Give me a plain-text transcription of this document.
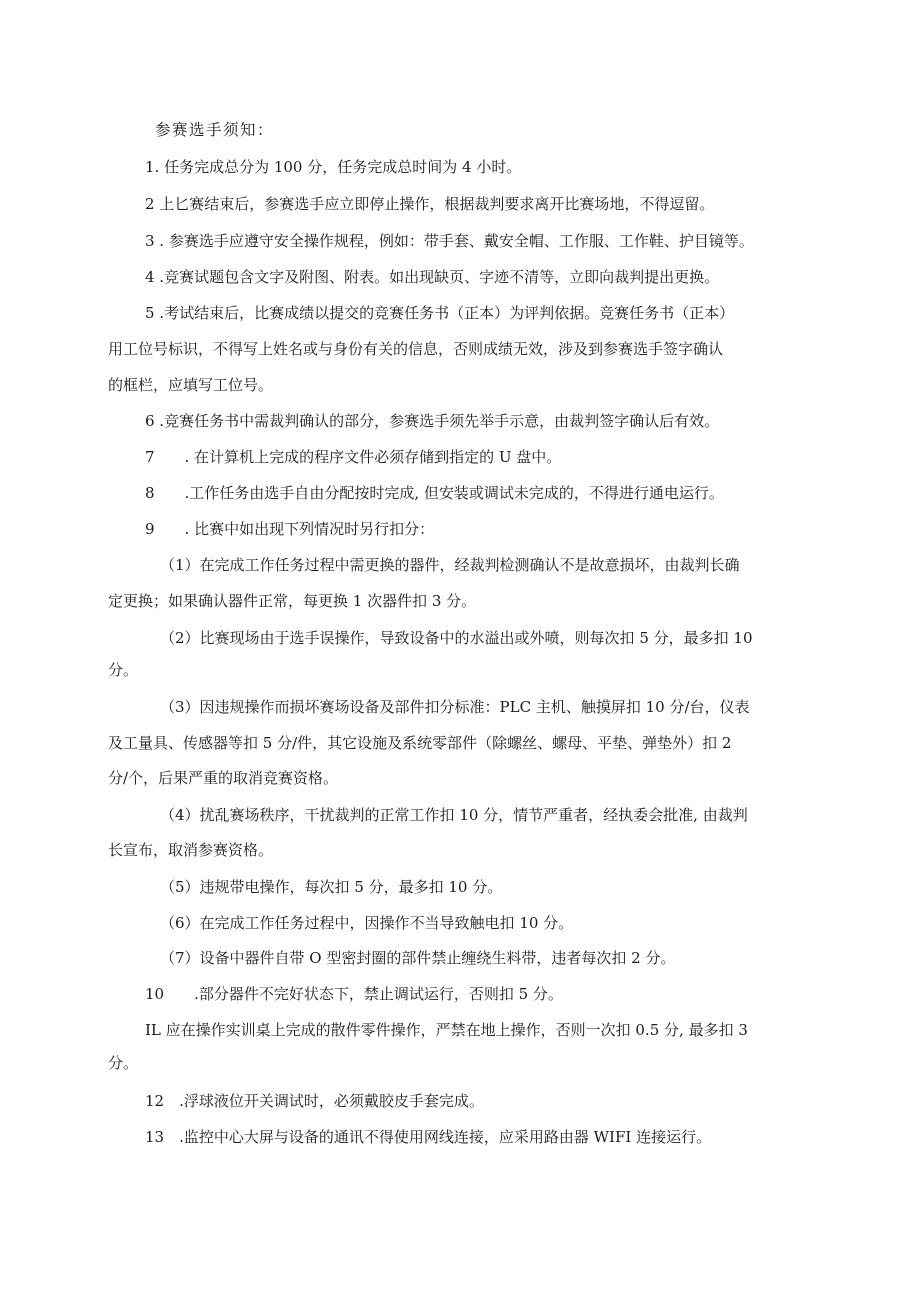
参赛选手须知：
1. 任务完成总分为 100 分，任务完成总时间为 4 小时。
2 上匕赛结束后，参赛选手应立即停止操作，根据裁判要求离开比赛场地，不得逗留。
3 . 参赛选手应遵守安全操作规程，例如：带手套、戴安全帽、工作服、工作鞋、护目镜等。
4 .竞赛试题包含文字及附图、附表。如出现缺页、字迹不清等，立即向裁判提出更换。
5 .考试结束后，比赛成绩以提交的竞赛任务书（正本）为评判依据。竞赛任务书（正本）
用工位号标识，不得写上姓名或与身份有关的信息，否则成绩无效，涉及到参赛选手签字确认
的框栏，应填写工位号。
6 .竞赛任务书中需裁判确认的部分，参赛选手须先举手示意，由裁判签字确认后有效。
7　　. 在计算机上完成的程序文件必须存储到指定的 U 盘中。
8　　.工作任务由选手自由分配按时完成, 但安装或调试未完成的，不得进行通电运行。
9　　. 比赛中如出现下列情况时另行扣分：
（1）在完成工作任务过程中需更换的器件，经裁判检测确认不是故意损坏，由裁判长确
定更换；如果确认器件正常，每更换 1 次器件扣 3 分。
（2）比赛现场由于选手误操作，导致设备中的水溢出或外喷，则每次扣 5 分，最多扣 10
分。
（3）因违规操作而损坏赛场设备及部件扣分标准：PLC 主机、触摸屏扣 10 分/台，仪表
及工量具、传感器等扣 5 分/件，其它设施及系统零部件（除螺丝、螺母、平垫、弹垫外）扣 2
分/个，后果严重的取消竞赛资格。
（4）扰乱赛场秩序，干扰裁判的正常工作扣 10 分，情节严重者，经执委会批准, 由裁判
长宣布，取消参赛资格。
（5）违规带电操作，每次扣 5 分，最多扣 10 分。
（6）在完成工作任务过程中，因操作不当导致触电扣 10 分。
（7）设备中器件自带 O 型密封圈的部件禁止缠绕生料带，违者每次扣 2 分。
10　　.部分器件不完好状态下，禁止调试运行，否则扣 5 分。
IL 应在操作实训桌上完成的散件零件操作，严禁在地上操作，否则一次扣 0.5 分, 最多扣 3
分。
12　.浮球液位开关调试时，必须戴胶皮手套完成。
13　.监控中心大屏与设备的通讯不得使用网线连接，应采用路由器 WIFI 连接运行。
